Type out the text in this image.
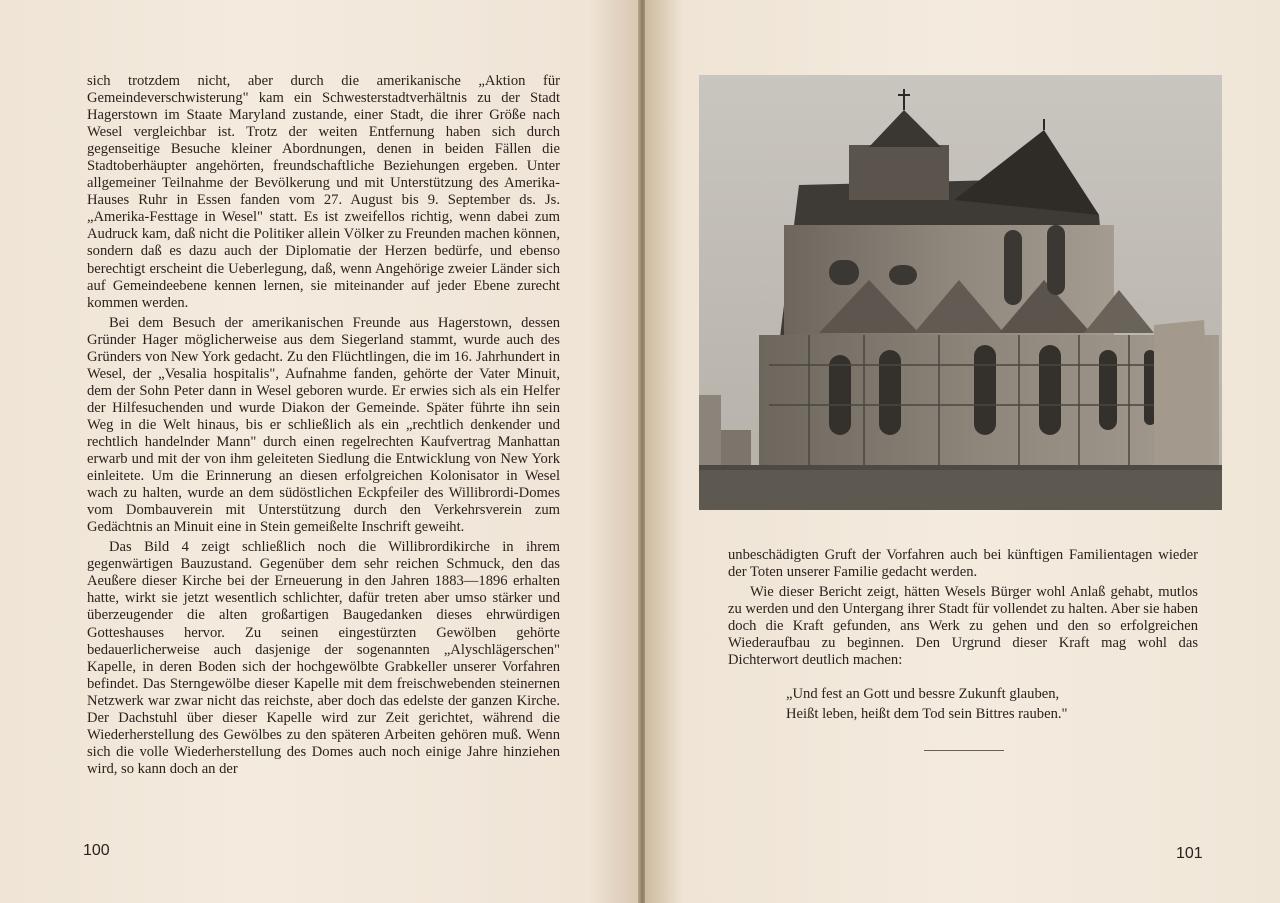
sich trotzdem nicht, aber durch die amerikanische „Aktion für Gemeindeverschwisterung" kam ein Schwesterstadtverhältnis zu der Stadt Hagerstown im Staate Maryland zustande, einer Stadt, die ihrer Größe nach Wesel vergleichbar ist. Trotz der weiten Entfernung haben sich durch gegenseitige Besuche kleiner Abordnungen, denen in beiden Fällen die Stadtoberhäupter angehörten, freundschaftliche Beziehungen ergeben. Unter allgemeiner Teilnahme der Bevölkerung und mit Unterstützung des Amerika-Hauses Ruhr in Essen fanden vom 27. August bis 9. September ds. Js. „Amerika-Festtage in Wesel" statt. Es ist zweifellos richtig, wenn dabei zum Audruck kam, daß nicht die Politiker allein Völker zu Freunden machen können, sondern daß es dazu auch der Diplomatie der Herzen bedürfe, und ebenso berechtigt erscheint die Ueberlegung, daß, wenn Angehörige zweier Länder sich auf Gemeindeebene kennen lernen, sie miteinander auf jeder Ebene zurecht kommen werden.

Bei dem Besuch der amerikanischen Freunde aus Hagerstown, dessen Gründer Hager möglicherweise aus dem Siegerland stammt, wurde auch des Gründers von New York gedacht. Zu den Flüchtlingen, die im 16. Jahrhundert in Wesel, der „Vesalia hospitalis", Aufnahme fanden, gehörte der Vater Minuit, dem der Sohn Peter dann in Wesel geboren wurde. Er erwies sich als ein Helfer der Hilfesuchenden und wurde Diakon der Gemeinde. Später führte ihn sein Weg in die Welt hinaus, bis er schließlich als ein „rechtlich denkender und rechtlich handelnder Mann" durch einen regelrechten Kaufvertrag Manhattan erwarb und mit der von ihm geleiteten Siedlung die Entwicklung von New York einleitete. Um die Erinnerung an diesen erfolgreichen Kolonisator in Wesel wach zu halten, wurde an dem südöstlichen Eckpfeiler des Willibrordi-Domes vom Dombauverein mit Unterstützung durch den Verkehrsverein zum Gedächtnis an Minuit eine in Stein gemeißelte Inschrift geweiht.

Das Bild 4 zeigt schließlich noch die Willibrordikirche in ihrem gegenwärtigen Bauzustand. Gegenüber dem sehr reichen Schmuck, den das Aeußere dieser Kirche bei der Erneuerung in den Jahren 1883—1896 erhalten hatte, wirkt sie jetzt wesentlich schlichter, dafür treten aber umso stärker und überzeugender die alten großartigen Baugedanken dieses ehrwürdigen Gotteshauses hervor. Zu seinen eingestürzten Gewölben gehörte bedauerlicherweise auch dasjenige der sogenannten „Alyschlägerschen" Kapelle, in deren Boden sich der hochgewölbte Grabkeller unserer Vorfahren befindet. Das Sterngewölbe dieser Kapelle mit dem freischwebenden steinernen Netzwerk war zwar nicht das reichste, aber doch das edelste der ganzen Kirche. Der Dachstuhl über dieser Kapelle wird zur Zeit gerichtet, während die Wiederherstellung des Gewölbes zu den späteren Arbeiten gehören muß. Wenn sich die volle Wiederherstellung des Domes auch noch einige Jahre hinziehen wird, so kann doch an der

100

unbeschädigten Gruft der Vorfahren auch bei künftigen Familientagen wieder der Toten unserer Familie gedacht werden.

Wie dieser Bericht zeigt, hätten Wesels Bürger wohl Anlaß gehabt, mutlos zu werden und den Untergang ihrer Stadt für vollendet zu halten. Aber sie haben doch die Kraft gefunden, ans Werk zu gehen und den so erfolgreichen Wiederaufbau zu beginnen. Den Urgrund dieser Kraft mag wohl das Dichterwort deutlich machen:

„Und fest an Gott und bessre Zukunft glauben,
Heißt leben, heißt dem Tod sein Bittres rauben."
101
